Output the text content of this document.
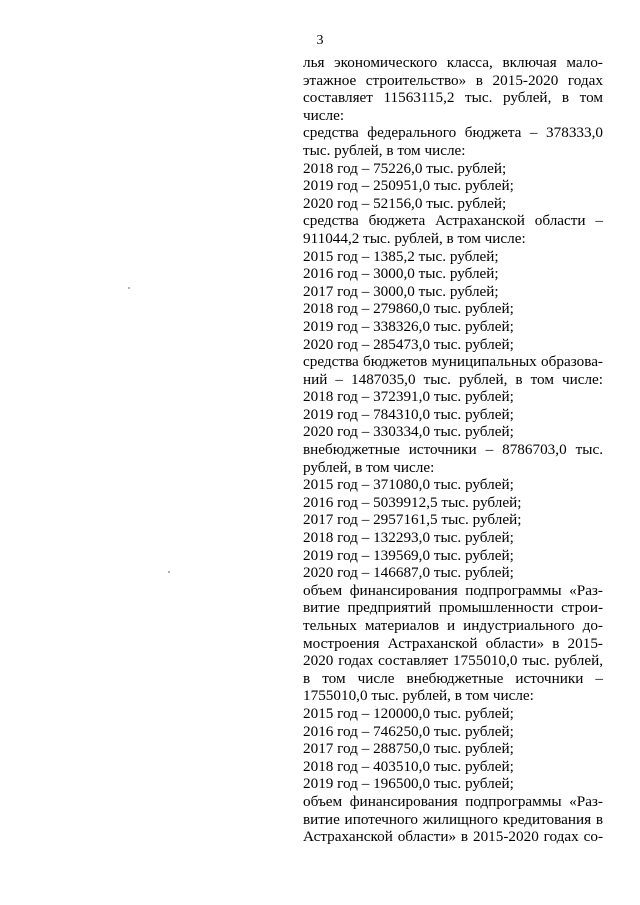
3
лья экономического класса, включая мало-
этажное строительство» в 2015-2020 годах
составляет 11563115,2 тыс. рублей, в том
числе:
средства федерального бюджета – 378333,0
тыс. рублей, в том числе:
2018 год – 75226,0 тыс. рублей;
2019 год – 250951,0 тыс. рублей;
2020 год – 52156,0 тыс. рублей;
средства бюджета Астраханской области –
911044,2 тыс. рублей, в том числе:
2015 год – 1385,2 тыс. рублей;
2016 год – 3000,0 тыс. рублей;
2017 год – 3000,0 тыс. рублей;
2018 год – 279860,0 тыс. рублей;
2019 год – 338326,0 тыс. рублей;
2020 год – 285473,0 тыс. рублей;
средства бюджетов муниципальных образова-
ний – 1487035,0 тыс. рублей, в том числе:
2018 год – 372391,0 тыс. рублей;
2019 год – 784310,0 тыс. рублей;
2020 год – 330334,0 тыс. рублей;
внебюджетные источники – 8786703,0 тыс.
рублей, в том числе:
2015 год – 371080,0 тыс. рублей;
2016 год – 5039912,5 тыс. рублей;
2017 год – 2957161,5 тыс. рублей;
2018 год – 132293,0 тыс. рублей;
2019 год – 139569,0 тыс. рублей;
2020 год – 146687,0 тыс. рублей;
объем финансирования подпрограммы «Раз-
витие предприятий промышленности строи-
тельных материалов и индустриального до-
мостроения Астраханской области» в 2015-
2020 годах составляет 1755010,0 тыс. рублей,
в том числе внебюджетные источники –
1755010,0 тыс. рублей, в том числе:
2015 год – 120000,0 тыс. рублей;
2016 год – 746250,0 тыс. рублей;
2017 год – 288750,0 тыс. рублей;
2018 год – 403510,0 тыс. рублей;
2019 год – 196500,0 тыс. рублей;
объем финансирования подпрограммы «Раз-
витие ипотечного жилищного кредитования в
Астраханской области» в 2015-2020 годах со-
